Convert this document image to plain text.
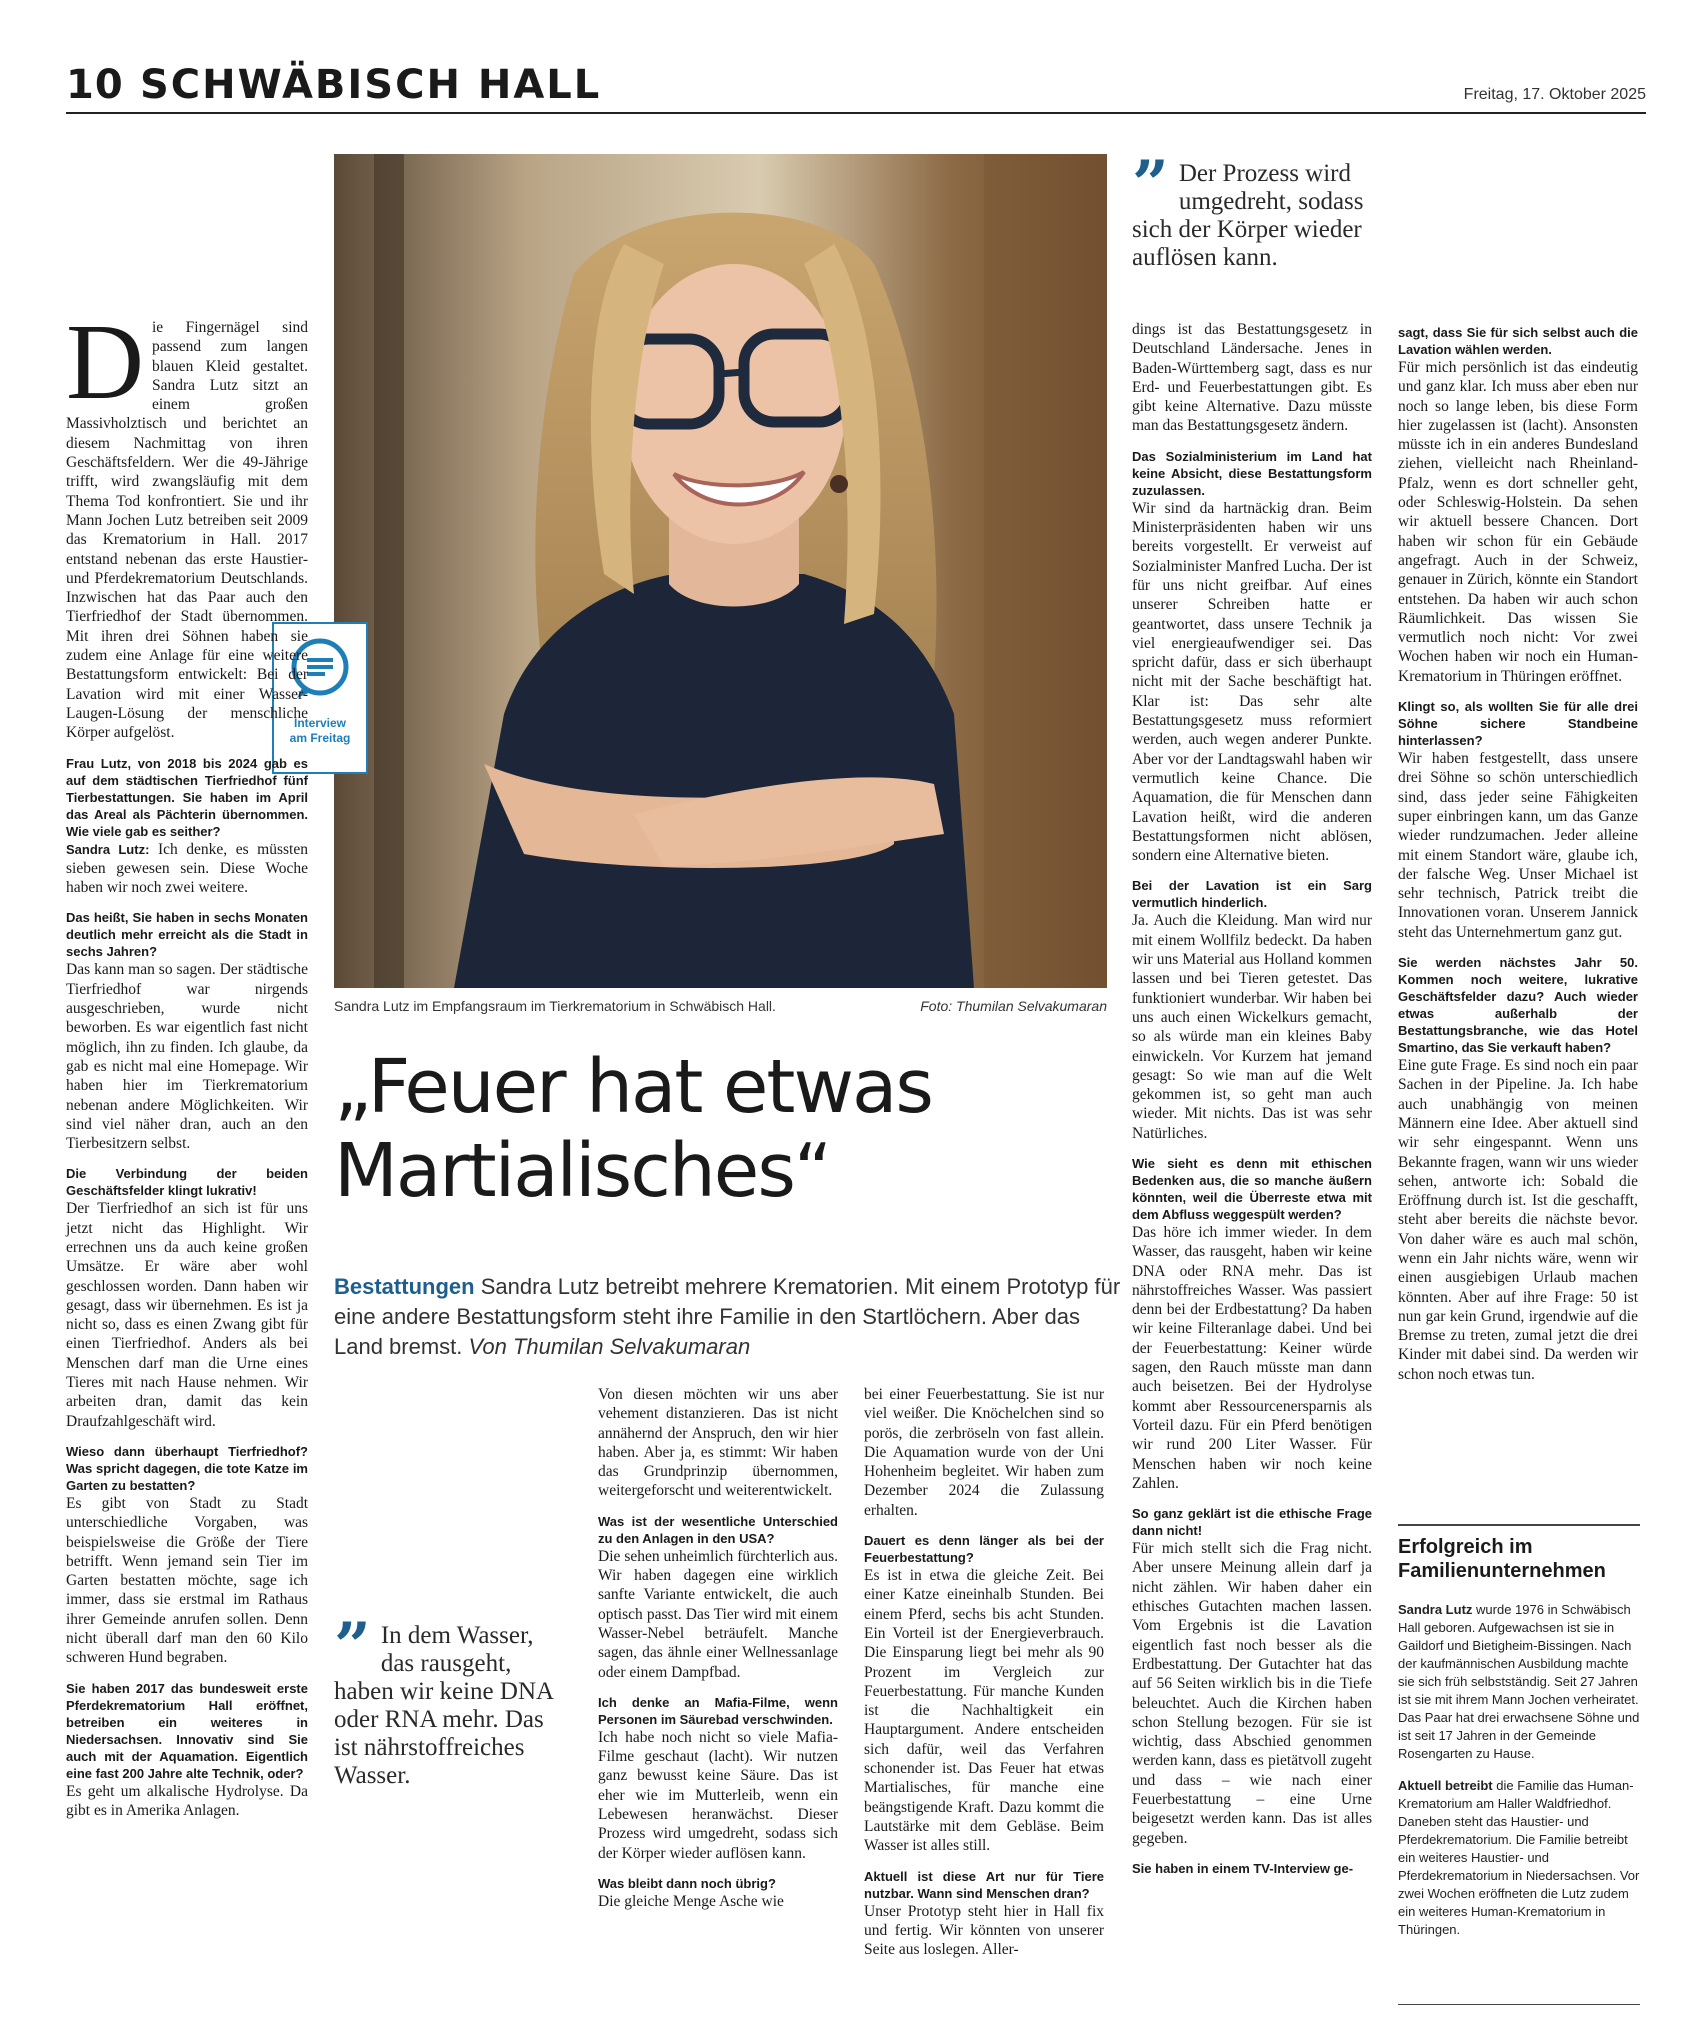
10 SCHWÄBISCH HALL	Freitag, 17. Oktober 2025
Sandra Lutz im Empfangsraum im Tierkrematorium in Schwäbisch Hall.	Foto: Thumilan Selvakumaran
Interview
am Freitag
„Feuer hat etwas
Martialisches“
Bestattungen Sandra Lutz betreibt mehrere Krematorien. Mit einem Prototyp für eine andere Bestattungsform steht ihre Familie in den Startlöchern. Aber das Land bremst. Von Thumilan Selvakumaran
” Der Prozess wird umgedreht, sodass sich der Körper wieder auflösen kann.
” In dem Wasser, das rausgeht, haben wir keine DNA oder RNA mehr. Das ist nährstoffreiches Wasser.

Die Fingernägel sind passend zum langen blauen Kleid gestaltet. Sandra Lutz sitzt an einem großen Massivholztisch und berichtet an diesem Nachmittag von ihren Geschäftsfeldern. Wer die 49-Jährige trifft, wird zwangsläufig mit dem Thema Tod konfrontiert. Sie und ihr Mann Jochen Lutz betreiben seit 2009 das Krematorium in Hall. 2017 entstand nebenan das erste Haustier- und Pferdekrematorium Deutschlands. Inzwischen hat das Paar auch den Tierfriedhof der Stadt übernommen. Mit ihren drei Söhnen haben sie zudem eine Anlage für eine weitere Bestattungsform entwickelt: Bei der Lavation wird mit einer Wasser-Laugen-Lösung der menschliche Körper aufgelöst.

Frau Lutz, von 2018 bis 2024 gab es auf dem städtischen Tierfriedhof fünf Tierbestattungen. Sie haben im April das Areal als Pächterin übernommen. Wie viele gab es seither?

Sandra Lutz: Ich denke, es müssten sieben gewesen sein. Diese Woche haben wir noch zwei weitere.

Das heißt, Sie haben in sechs Monaten deutlich mehr erreicht als die Stadt in sechs Jahren?

Das kann man so sagen. Der städtische Tierfriedhof war nirgends ausgeschrieben, wurde nicht beworben. Es war eigentlich fast nicht möglich, ihn zu finden. Ich glaube, da gab es nicht mal eine Homepage. Wir haben hier im Tierkrematorium nebenan andere Möglichkeiten. Wir sind viel näher dran, auch an den Tierbesitzern selbst.

Die Verbindung der beiden Geschäftsfelder klingt lukrativ!

Der Tierfriedhof an sich ist für uns jetzt nicht das Highlight. Wir errechnen uns da auch keine großen Umsätze. Er wäre aber wohl geschlossen worden. Dann haben wir gesagt, dass wir übernehmen. Es ist ja nicht so, dass es einen Zwang gibt für einen Tierfriedhof. Anders als bei Menschen darf man die Urne eines Tieres mit nach Hause nehmen. Wir arbeiten dran, damit das kein Draufzahlgeschäft wird.

Wieso dann überhaupt Tierfriedhof? Was spricht dagegen, die tote Katze im Garten zu bestatten?

Es gibt von Stadt zu Stadt unterschiedliche Vorgaben, was beispielsweise die Größe der Tiere betrifft. Wenn jemand sein Tier im Garten bestatten möchte, sage ich immer, dass sie erstmal im Rathaus ihrer Gemeinde anrufen sollen. Denn nicht überall darf man den 60 Kilo schweren Hund begraben.

Sie haben 2017 das bundesweit erste Pferdekrematorium Hall eröffnet, betreiben ein weiteres in Niedersachsen. Innovativ sind Sie auch mit der Aquamation. Eigentlich eine fast 200 Jahre alte Technik, oder?

Es geht um alkalische Hydrolyse. Da gibt es in Amerika Anlagen.

Von diesen möchten wir uns aber vehement distanzieren. Das ist nicht annähernd der Anspruch, den wir hier haben. Aber ja, es stimmt: Wir haben das Grundprinzip übernommen, weitergeforscht und weiterentwickelt.

Was ist der wesentliche Unterschied zu den Anlagen in den USA?

Die sehen unheimlich fürchterlich aus. Wir haben dagegen eine wirklich sanfte Variante entwickelt, die auch optisch passt. Das Tier wird mit einem Wasser-Nebel beträufelt. Manche sagen, das ähnle einer Wellnessanlage oder einem Dampfbad.

Ich denke an Mafia-Filme, wenn Personen im Säurebad verschwinden.

Ich habe noch nicht so viele Mafia-Filme geschaut (lacht). Wir nutzen ganz bewusst keine Säure. Das ist eher wie im Mutterleib, wenn ein Lebewesen heranwächst. Dieser Prozess wird umgedreht, sodass sich der Körper wieder auflösen kann.

Was bleibt dann noch übrig?

Die gleiche Menge Asche wie

bei einer Feuerbestattung. Sie ist nur viel weißer. Die Knöchelchen sind so porös, die zerbröseln von fast allein. Die Aquamation wurde von der Uni Hohenheim begleitet. Wir haben zum Dezember 2024 die Zulassung erhalten.

Dauert es denn länger als bei der Feuerbestattung?

Es ist in etwa die gleiche Zeit. Bei einer Katze eineinhalb Stunden. Bei einem Pferd, sechs bis acht Stunden. Ein Vorteil ist der Energieverbrauch. Die Einsparung liegt bei mehr als 90 Prozent im Vergleich zur Feuerbestattung. Für manche Kunden ist die Nachhaltigkeit ein Hauptargument. Andere entscheiden sich dafür, weil das Verfahren schonender ist. Das Feuer hat etwas Martialisches, für manche eine beängstigende Kraft. Dazu kommt die Lautstärke mit dem Gebläse. Beim Wasser ist alles still.

Aktuell ist diese Art nur für Tiere nutzbar. Wann sind Menschen dran?

Unser Prototyp steht hier in Hall fix und fertig. Wir könnten von unserer Seite aus loslegen. Aller-

dings ist das Bestattungsgesetz in Deutschland Ländersache. Jenes in Baden-Württemberg sagt, dass es nur Erd- und Feuerbestattungen gibt. Es gibt keine Alternative. Dazu müsste man das Bestattungsgesetz ändern.

Das Sozialministerium im Land hat keine Absicht, diese Bestattungsform zuzulassen.

Wir sind da hartnäckig dran. Beim Ministerpräsidenten haben wir uns bereits vorgestellt. Er verweist auf Sozialminister Manfred Lucha. Der ist für uns nicht greifbar. Auf eines unserer Schreiben hatte er geantwortet, dass unsere Technik ja viel energieaufwendiger sei. Das spricht dafür, dass er sich überhaupt nicht mit der Sache beschäftigt hat. Klar ist: Das sehr alte Bestattungsgesetz muss reformiert werden, auch wegen anderer Punkte. Aber vor der Landtagswahl haben wir vermutlich keine Chance. Die Aquamation, die für Menschen dann Lavation heißt, wird die anderen Bestattungsformen nicht ablösen, sondern eine Alternative bieten.

Bei der Lavation ist ein Sarg vermutlich hinderlich.

Ja. Auch die Kleidung. Man wird nur mit einem Wollfilz bedeckt. Da haben wir uns Material aus Holland kommen lassen und bei Tieren getestet. Das funktioniert wunderbar. Wir haben bei uns auch einen Wickelkurs gemacht, so als würde man ein kleines Baby einwickeln. Vor Kurzem hat jemand gesagt: So wie man auf die Welt gekommen ist, so geht man auch wieder. Mit nichts. Das ist was sehr Natürliches.

Wie sieht es denn mit ethischen Bedenken aus, die so manche äußern könnten, weil die Überreste etwa mit dem Abfluss weggespült werden?

Das höre ich immer wieder. In dem Wasser, das rausgeht, haben wir keine DNA oder RNA mehr. Das ist nährstoffreiches Wasser. Was passiert denn bei der Erdbestattung? Da haben wir keine Filteranlage dabei. Und bei der Feuerbestattung: Keiner würde sagen, den Rauch müsste man dann auch beisetzen. Bei der Hydrolyse kommt aber Ressourcenersparnis als Vorteil dazu. Für ein Pferd benötigen wir rund 200 Liter Wasser. Für Menschen haben wir noch keine Zahlen.

So ganz geklärt ist die ethische Frage dann nicht!

Für mich stellt sich die Frag nicht. Aber unsere Meinung allein darf ja nicht zählen. Wir haben daher ein ethisches Gutachten machen lassen. Vom Ergebnis ist die Lavation eigentlich fast noch besser als die Erdbestattung. Der Gutachter hat das auf 56 Seiten wirklich bis in die Tiefe beleuchtet. Auch die Kirchen haben schon Stellung bezogen. Für sie ist wichtig, dass Abschied genommen werden kann, dass es pietätvoll zugeht und dass – wie nach einer Feuerbestattung – eine Urne beigesetzt werden kann. Das ist alles gegeben.

Sie haben in einem TV-Interview ge-
sagt, dass Sie für sich selbst auch die Lavation wählen werden.

Für mich persönlich ist das eindeutig und ganz klar. Ich muss aber eben nur noch so lange leben, bis diese Form hier zugelassen ist (lacht). Ansonsten müsste ich in ein anderes Bundesland ziehen, vielleicht nach Rheinland-Pfalz, wenn es dort schneller geht, oder Schleswig-Holstein. Da sehen wir aktuell bessere Chancen. Dort haben wir schon für ein Gebäude angefragt. Auch in der Schweiz, genauer in Zürich, könnte ein Standort entstehen. Da haben wir auch schon Räumlichkeit. Das wissen Sie vermutlich noch nicht: Vor zwei Wochen haben wir noch ein Human-Krematorium in Thüringen eröffnet.

Klingt so, als wollten Sie für alle drei Söhne sichere Standbeine hinterlassen?

Wir haben festgestellt, dass unsere drei Söhne so schön unterschiedlich sind, dass jeder seine Fähigkeiten super einbringen kann, um das Ganze wieder rundzumachen. Jeder alleine mit einem Standort wäre, glaube ich, der falsche Weg. Unser Michael ist sehr technisch, Patrick treibt die Innovationen voran. Unserem Jannick steht das Unternehmertum ganz gut.

Sie werden nächstes Jahr 50. Kommen noch weitere, lukrative Geschäftsfelder dazu? Auch wieder etwas außerhalb der Bestattungsbranche, wie das Hotel Smartino, das Sie verkauft haben?

Eine gute Frage. Es sind noch ein paar Sachen in der Pipeline. Ja. Ich habe auch unabhängig von meinen Männern eine Idee. Aber aktuell sind wir sehr eingespannt. Wenn uns Bekannte fragen, wann wir uns wieder sehen, antworte ich: Sobald die Eröffnung durch ist. Ist die geschafft, steht aber bereits die nächste bevor. Von daher wäre es auch mal schön, wenn ein Jahr nichts wäre, wenn wir einen ausgiebigen Urlaub machen könnten. Aber auf ihre Frage: 50 ist nun gar kein Grund, irgendwie auf die Bremse zu treten, zumal jetzt die drei Kinder mit dabei sind. Da werden wir schon noch etwas tun.

Erfolgreich im Familienunternehmen

Sandra Lutz wurde 1976 in Schwäbisch Hall geboren. Aufgewachsen ist sie in Gaildorf und Bietigheim-Bissingen. Nach der kaufmännischen Ausbildung machte sie sich früh selbstständig. Seit 27 Jahren ist sie mit ihrem Mann Jochen verheiratet. Das Paar hat drei erwachsene Söhne und ist seit 17 Jahren in der Gemeinde Rosengarten zu Hause.

Aktuell betreibt die Familie das Human-Krematorium am Haller Waldfriedhof. Daneben steht das Haustier- und Pferdekrematorium. Die Familie betreibt ein weiteres Haustier- und Pferdekrematorium in Niedersachsen. Vor zwei Wochen eröffneten die Lutz zudem ein weiteres Human-Krematorium in Thüringen.
